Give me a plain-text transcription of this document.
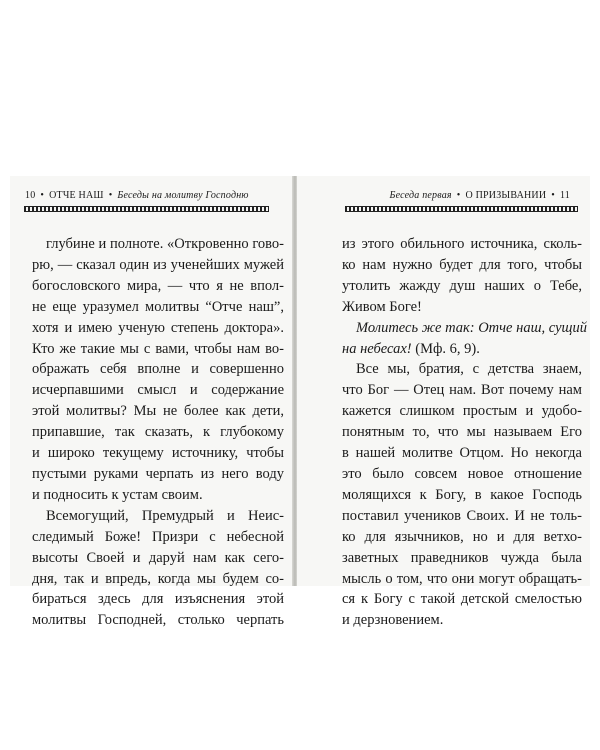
10 • ОТЧЕ НАШ • Беседы на молитву Господню
глубине и полноте. «Откровенно гово-
рю, — сказал один из ученейших мужей
богословского мира, — что я не впол-
не еще уразумел молитвы “Отче наш”,
хотя и имею ученую степень доктора».
Кто же такие мы с вами, чтобы нам во-
ображать себя вполне и совершенно
исчерпавшими смысл и содержание
этой молитвы? Мы не более как дети,
припавшие, так сказать, к глубокому
и широко текущему источнику, чтобы
пустыми руками черпать из него воду
и подносить к устам своим.
Всемогущий, Премудрый и Неис-
следимый Боже! Призри с небесной
высоты Своей и даруй нам как сего-
дня, так и впредь, когда мы будем со-
бираться здесь для изъяснения этой
молитвы Господней, столько черпать
Беседа первая • О ПРИЗЫВАНИИ • 11
из этого обильного источника, сколь-
ко нам нужно будет для того, чтобы
утолить жажду душ наших о Тебе,
Живом Боге!
Молитесь же так: Отче наш, сущий
на небесах! (Мф. 6, 9).
Все мы, братия, с детства знаем,
что Бог — Отец нам. Вот почему нам
кажется слишком простым и удобо-
понятным то, что мы называем Его
в нашей молитве Отцом. Но некогда
это было совсем новое отношение
молящихся к Богу, в какое Господь
поставил учеников Своих. И не толь-
ко для язычников, но и для ветхо-
заветных праведников чужда была
мысль о том, что они могут обращать-
ся к Богу с такой детской смелостью
и дерзновением.
